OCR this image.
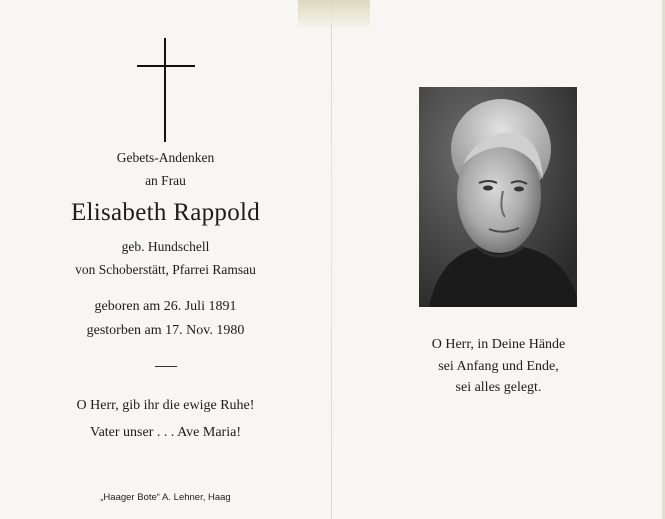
Gebets-Andenken
an Frau
Elisabeth Rappold
geb. Hundschell
von Schoberstätt, Pfarrei Ramsau
geboren am 26. Juli 1891
gestorben am 17. Nov. 1980
O Herr, gib ihr die ewige Ruhe!
Vater unser . . . Ave Maria!
„Haager Bote“ A. Lehner, Haag
O Herr, in Deine Hände
sei Anfang und Ende,
sei alles gelegt.
